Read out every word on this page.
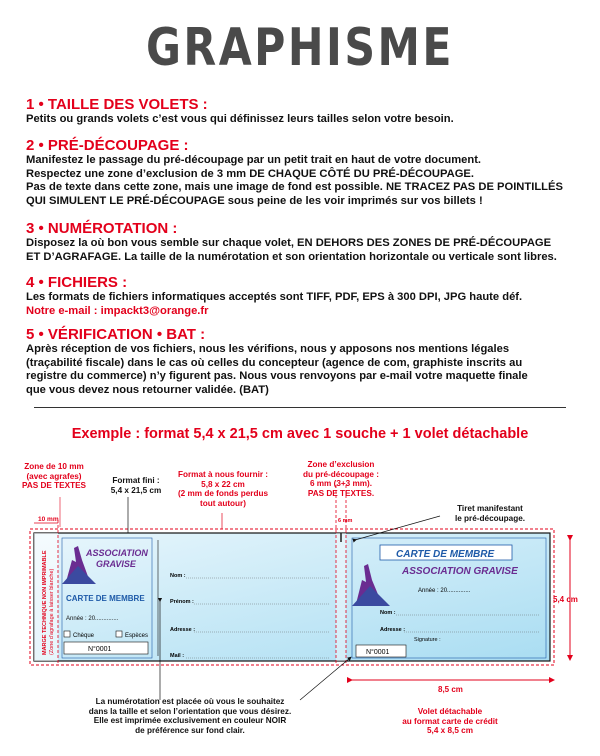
GRAPHISME
1 • TAILLE DES VOLETS :
Petits ou grands volets c’est vous qui définissez leurs tailles selon votre besoin.
2 • PRÉ-DÉCOUPAGE :
Manifestez le passage du pré-découpage par un petit trait en haut de votre document.
Respectez une zone d’exclusion de 3 mm DE CHAQUE CÔTÉ DU PRÉ-DÉCOUPAGE.
Pas de texte dans cette zone, mais une image de fond est possible. NE TRACEZ PAS DE POINTILLÉS
QUI SIMULENT LE PRÉ-DÉCOUPAGE sous peine de les voir imprimés sur vos billets !
3 • NUMÉROTATION :
Disposez la où bon vous semble sur chaque volet, EN DEHORS DES ZONES DE PRÉ-DÉCOUPAGE
ET D’AGRAFAGE. La taille de la numérotation et son orientation horizontale ou verticale sont libres.
4 • FICHIERS :
Les formats de fichiers informatiques acceptés sont TIFF, PDF, EPS à 300 DPI, JPG haute déf.
Notre e-mail : impackt3@orange.fr
5 • VÉRIFICATION • BAT :
Après réception de vos fichiers, nous les vérifions, nous y apposons nos mentions légales
(traçabilité fiscale) dans le cas où celles du concepteur (agence de com, graphiste inscrits au
registre du commerce) n’y figurent pas. Nous vous renvoyons par e-mail votre maquette finale
que vous devez nous retourner validée. (BAT)
Exemple : format 5,4 x 21,5 cm avec 1 souche + 1 volet détachable
Zone de 10 mm
(avec agrafes)
PAS DE TEXTES
Format fini :
5,4 x 21,5 cm
Format à nous fournir :
5,8 x 22 cm
(2 mm de fonds perdus
tout autour)
Zone d’exclusion
du pré-découpage :
6 mm (3+3 mm).
PAS DE TEXTES.
Tiret manifestant
le pré-découpage.
La numérotation est placée où vous le souhaitez
dans la taille et selon l’orientation que vous désirez.
Elle est imprimée exclusivement en couleur NOIR
de préférence sur fond clair.
Volet détachable
au format carte de crédit
5,4 x 8,5 cm
MARGE TECHNIQUE NON IMPRIMABLE (Zone d'agrafage à laisser blanche)
10 mm
ASSOCIATION
GRAVISE
CARTE DE MEMBRE
Année : 20..............
Chèque	Espèces
N°0001
Nom :
Prénom :
Adresse :
Mail :
6 mm
CARTE DE MEMBRE
ASSOCIATION GRAVISE
Année : 20..............
Nom :
Adresse :
Signature :
N°0001
5,4 cm
8,5 cm
